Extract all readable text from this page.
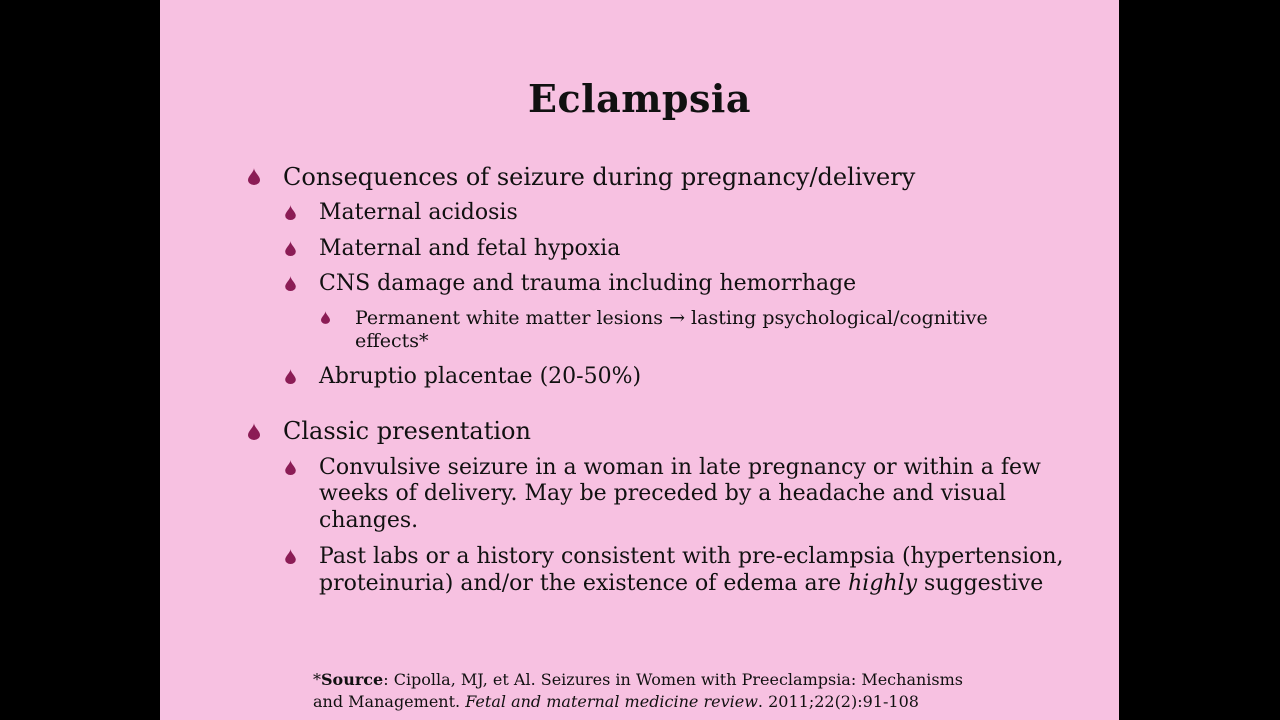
Eclampsia

Consequences of seizure during pregnancy/delivery

Maternal acidosis

Maternal and fetal hypoxia

CNS damage and trauma including hemorrhage

Permanent white matter lesions → lasting psychological/cognitive

effects*

Abruptio placentae (20-50%)

Classic presentation

Convulsive seizure in a woman in late pregnancy or within a few

weeks of delivery. May be preceded by a headache and visual

changes.

Past labs or a history consistent with pre-eclampsia (hypertension,

proteinuria) and/or the existence of edema are highly suggestive

*Source: Cipolla, MJ, et Al. Seizures in Women with Preeclampsia: Mechanisms
and Management. Fetal and maternal medicine review. 2011;22(2):91-108
